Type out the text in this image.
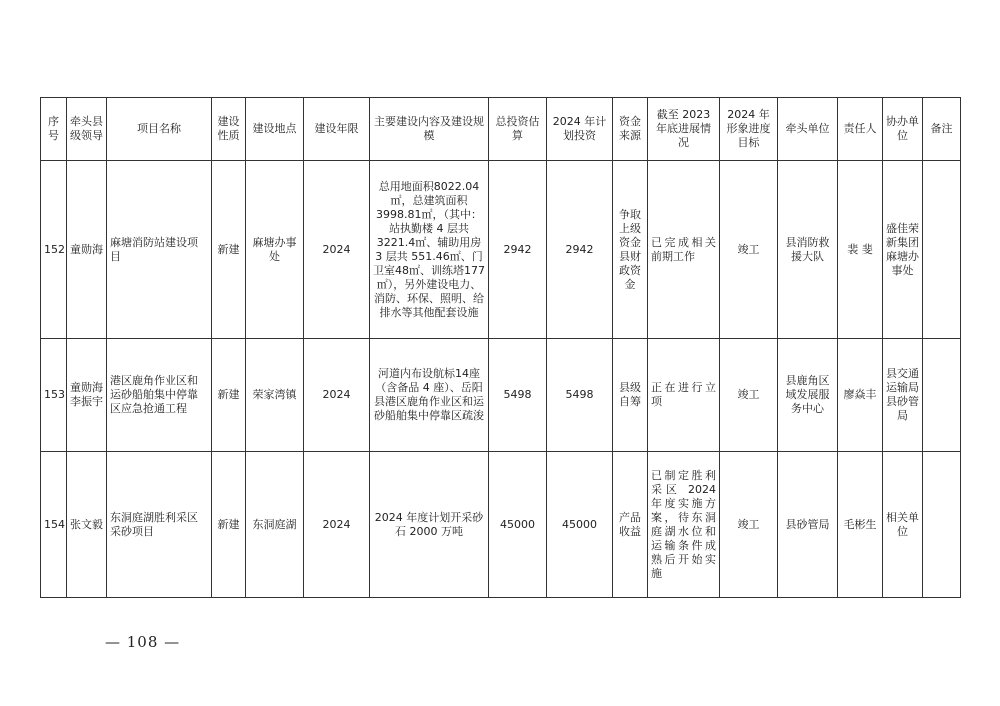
序号	牵头县级领导	项目名称	建设性质	建设地点	建设年限	主要建设内容及建设规模	总投资估算	2024 年计划投资	资金来源	截至 2023 年底进展情况	2024 年形象进度目标	牵头单位	责任人	协办单位	备注
152	童勋海	麻塘消防站建设项目	新建	麻塘办事处	2024	总用地面积8022.04㎡，总建筑面积3998.81㎡，（其中：站执勤楼 4 层共3221.4㎡、辅助用房 3 层共 551.46㎡、门卫室48㎡、训练塔177㎡），另外建设电力、消防、环保、照明、给排水等其他配套设施	2942	2942	争取上级资金县财政资金	已完成相关前期工作	竣工	县消防救援大队	裴 斐	盛佳荣新集团麻塘办事处	
153	童勋海 李振宇	港区鹿角作业区和运砂船舶集中停靠区应急抢通工程	新建	荣家湾镇	2024	河道内布设航标14座（含备品 4 座）、岳阳县港区鹿角作业区和运砂船舶集中停靠区疏浚	5498	5498	县级自筹	正在进行立项	竣工	县鹿角区域发展服务中心	廖焱丰	县交通运输局县砂管局	
154	张文毅	东洞庭湖胜利采区采砂项目	新建	东洞庭湖	2024	2024 年度计划开采砂石 2000 万吨	45000	45000	产品收益	已制定胜利采区 2024 年度实施方案，待东洞庭湖水位和运输条件成熟后开始实施	竣工	县砂管局	毛彬生	相关单位	
— 108 —
